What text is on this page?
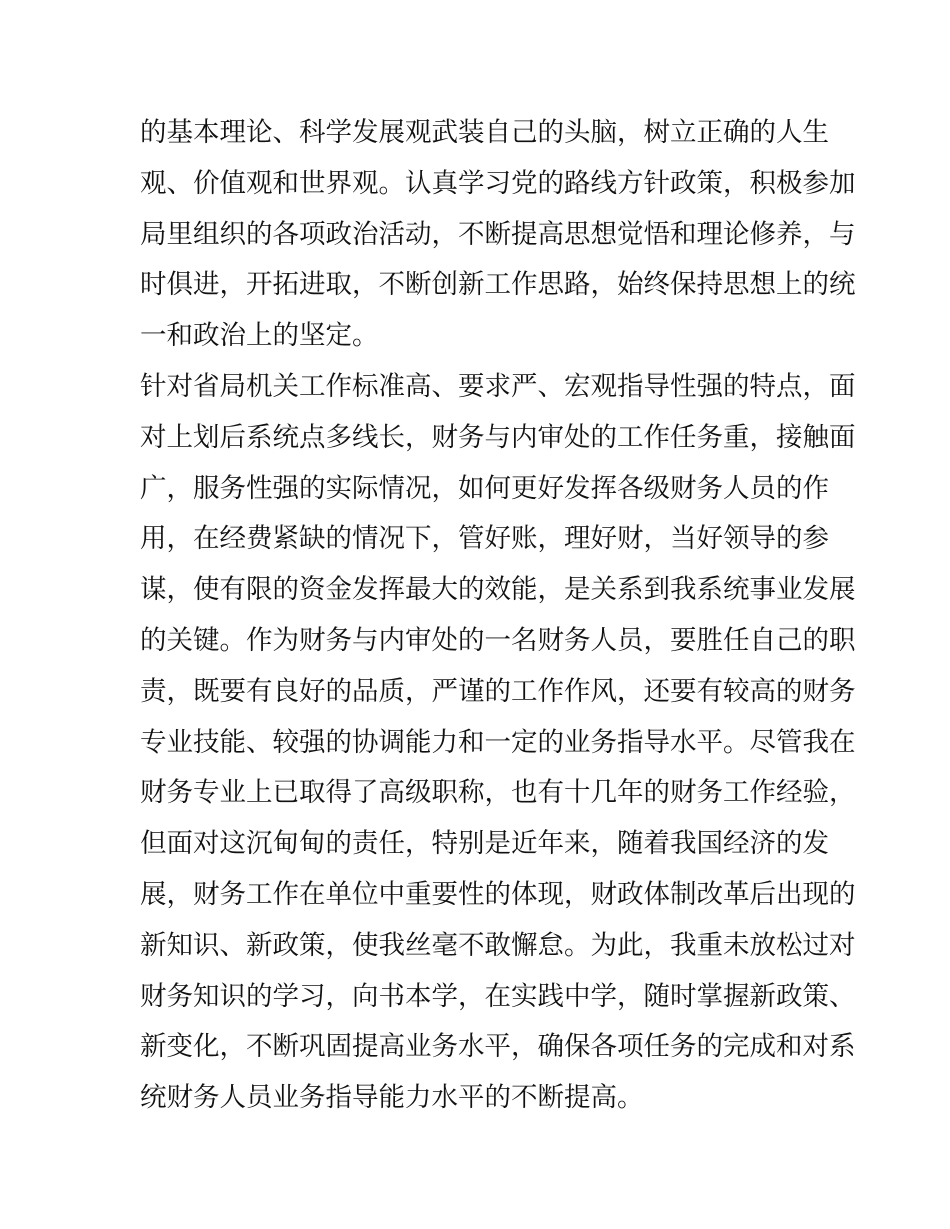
的基本理论、科学发展观武装自己的头脑，树立正确的人生
观、价值观和世界观。认真学习党的路线方针政策，积极参加
局里组织的各项政治活动，不断提高思想觉悟和理论修养，与
时俱进，开拓进取，不断创新工作思路，始终保持思想上的统
一和政治上的坚定。
针对省局机关工作标准高、要求严、宏观指导性强的特点，面
对上划后系统点多线长，财务与内审处的工作任务重，接触面
广，服务性强的实际情况，如何更好发挥各级财务人员的作
用，在经费紧缺的情况下，管好账，理好财，当好领导的参
谋，使有限的资金发挥最大的效能，是关系到我系统事业发展
的关键。作为财务与内审处的一名财务人员，要胜任自己的职
责，既要有良好的品质，严谨的工作作风，还要有较高的财务
专业技能、较强的协调能力和一定的业务指导水平。尽管我在
财务专业上已取得了高级职称，也有十几年的财务工作经验，
但面对这沉甸甸的责任，特别是近年来，随着我国经济的发
展，财务工作在单位中重要性的体现，财政体制改革后出现的
新知识、新政策，使我丝毫不敢懈怠。为此，我重未放松过对
财务知识的学习，向书本学，在实践中学，随时掌握新政策、
新变化，不断巩固提高业务水平，确保各项任务的完成和对系
统财务人员业务指导能力水平的不断提高。
